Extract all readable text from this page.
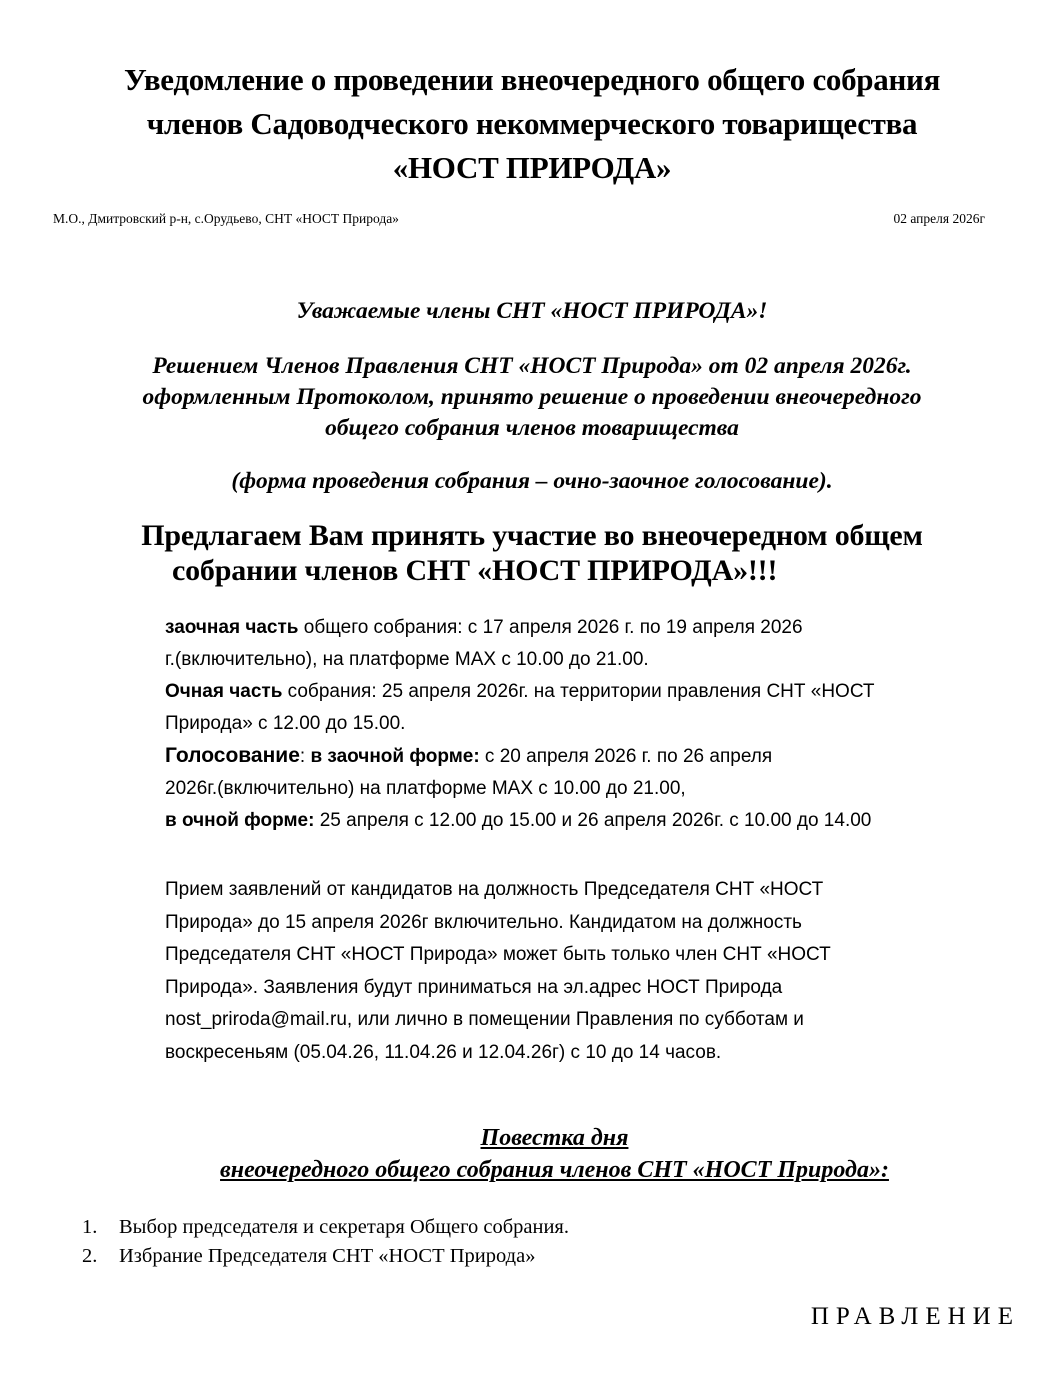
Уведомление о проведении внеочередного общего собрания
членов Садоводческого некоммерческого товарищества
«НОСТ ПРИРОДА»
М.О., Дмитровский р-н, с.Орудьево, СНТ «НОСТ Природа»	02 апреля 2026г
Уважаемые члены СНТ «НОСТ ПРИРОДА»!
Решением Членов Правления СНТ «НОСТ Природа» от 02 апреля 2026г.
оформленным Протоколом, принято решение о проведении внеочередного
общего собрания членов товарищества
(форма проведения собрания – очно-заочное голосование).
Предлагаем Вам принять участие во внеочередном общем
собрании членов СНТ «НОСТ ПРИРОДА»!!!
заочная часть общего собрания: с 17 апреля 2026 г. по 19 апреля 2026
г.(включительно), на платформе МАХ с 10.00 до 21.00.
Очная часть собрания: 25 апреля 2026г. на территории правления СНТ «НОСТ
Природа» с 12.00 до 15.00.
Голосование: в заочной форме: с 20 апреля 2026 г. по 26 апреля
2026г.(включительно) на платформе МАХ с 10.00 до 21.00,
в очной форме: 25 апреля с 12.00 до 15.00 и 26 апреля 2026г. с 10.00 до 14.00
Прием заявлений от кандидатов на должность Председателя СНТ «НОСТ
Природа» до 15 апреля 2026г включительно. Кандидатом на должность
Председателя СНТ «НОСТ Природа» может быть только член СНТ «НОСТ
Природа». Заявления будут приниматься на эл.адрес НОСТ Природа
nost_priroda@mail.ru, или лично в помещении Правления по субботам и
воскресеньям (05.04.26, 11.04.26 и 12.04.26г) с 10 до 14 часов.
Повестка дня
внеочередного общего собрания членов СНТ «НОСТ Природа»:
1. Выбор председателя и секретаря Общего собрания.
2. Избрание Председателя СНТ «НОСТ Природа»
ПРАВЛЕНИЕ
